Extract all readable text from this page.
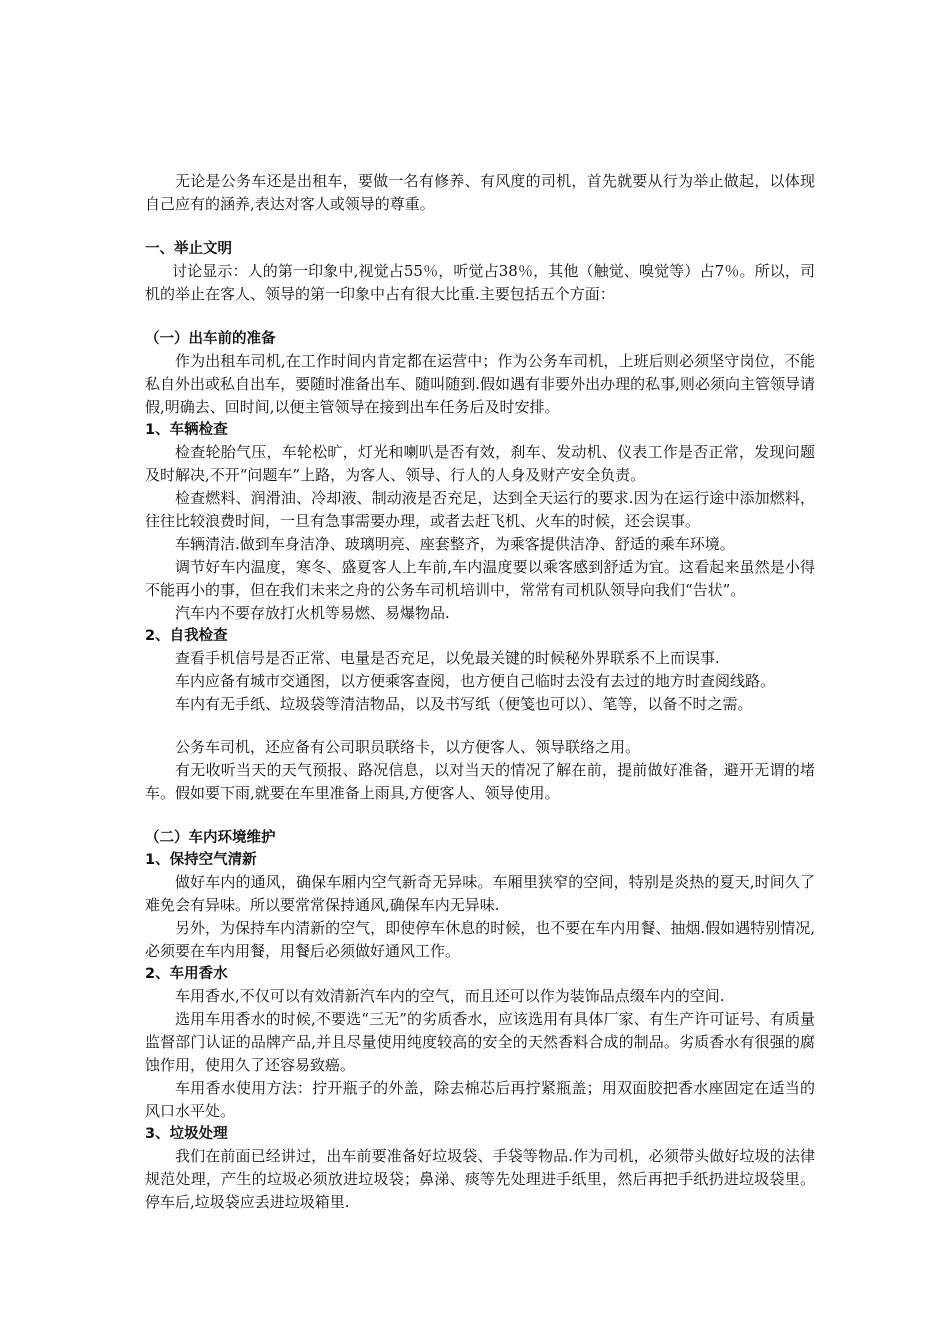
无论是公务车还是出租车，要做一名有修养、有风度的司机，首先就要从行为举止做起，以体现自己应有的涵养,表达对客人或领导的尊重。

一、举止文明

讨论显示：人的第一印象中,视觉占55％，听觉占38％，其他（触觉、嗅觉等）占7％。所以，司机的举止在客人、领导的第一印象中占有很大比重.主要包括五个方面：

（一）出车前的准备

作为出租车司机,在工作时间内肯定都在运营中；作为公务车司机，上班后则必须坚守岗位，不能私自外出或私自出车，要随时准备出车、随叫随到.假如遇有非要外出办理的私事,则必须向主管领导请假,明确去、回时间,以便主管领导在接到出车任务后及时安排。

1、车辆检查

检查轮胎气压，车轮松旷，灯光和喇叭是否有效，刹车、发动机、仪表工作是否正常，发现问题及时解决,不开“问题车”上路，为客人、领导、行人的人身及财产安全负责。

检查燃料、润滑油、冷却液、制动液是否充足，达到全天运行的要求.因为在运行途中添加燃料，往往比较浪费时间，一旦有急事需要办理，或者去赶飞机、火车的时候，还会误事。

车辆清洁.做到车身洁净、玻璃明亮、座套整齐，为乘客提供洁净、舒适的乘车环境。

调节好车内温度，寒冬、盛夏客人上车前,车内温度要以乘客感到舒适为宜。这看起来虽然是小得不能再小的事，但在我们未来之舟的公务车司机培训中，常常有司机队领导向我们“告状”。

汽车内不要存放打火机等易燃、易爆物品.

2、自我检查

查看手机信号是否正常、电量是否充足，以免最关键的时候秘外界联系不上而误事.

车内应备有城市交通图，以方便乘客查阅，也方便自己临时去没有去过的地方时查阅线路。

车内有无手纸、垃圾袋等清洁物品，以及书写纸（便笺也可以）、笔等，以备不时之需。

公务车司机，还应备有公司职员联络卡，以方便客人、领导联络之用。

有无收听当天的天气预报、路况信息，以对当天的情况了解在前，提前做好准备，避开无谓的堵车。假如要下雨,就要在车里准备上雨具,方便客人、领导使用。

（二）车内环境维护
1、保持空气清新

做好车内的通风，确保车厢内空气新奇无异味。车厢里狭窄的空间，特别是炎热的夏天,时间久了难免会有异味。所以要常常保持通风,确保车内无异味.

另外，为保持车内清新的空气，即使停车休息的时候，也不要在车内用餐、抽烟.假如遇特别情况,必须要在车内用餐，用餐后必须做好通风工作。

2、车用香水

车用香水,不仅可以有效清新汽车内的空气，而且还可以作为装饰品点缀车内的空间.

选用车用香水的时候,不要选“三无”的劣质香水，应该选用有具体厂家、有生产许可证号、有质量监督部门认证的品牌产品,并且尽量使用纯度较高的安全的天然香料合成的制品。劣质香水有很强的腐蚀作用，使用久了还容易致癌。

车用香水使用方法：拧开瓶子的外盖，除去棉芯后再拧紧瓶盖；用双面胶把香水座固定在适当的风口水平处。

3、垃圾处理

我们在前面已经讲过，出车前要准备好垃圾袋、手袋等物品.作为司机，必须带头做好垃圾的法律规范处理，产生的垃圾必须放进垃圾袋；鼻涕、痰等先处理进手纸里，然后再把手纸扔进垃圾袋里。停车后,垃圾袋应丢进垃圾箱里.
